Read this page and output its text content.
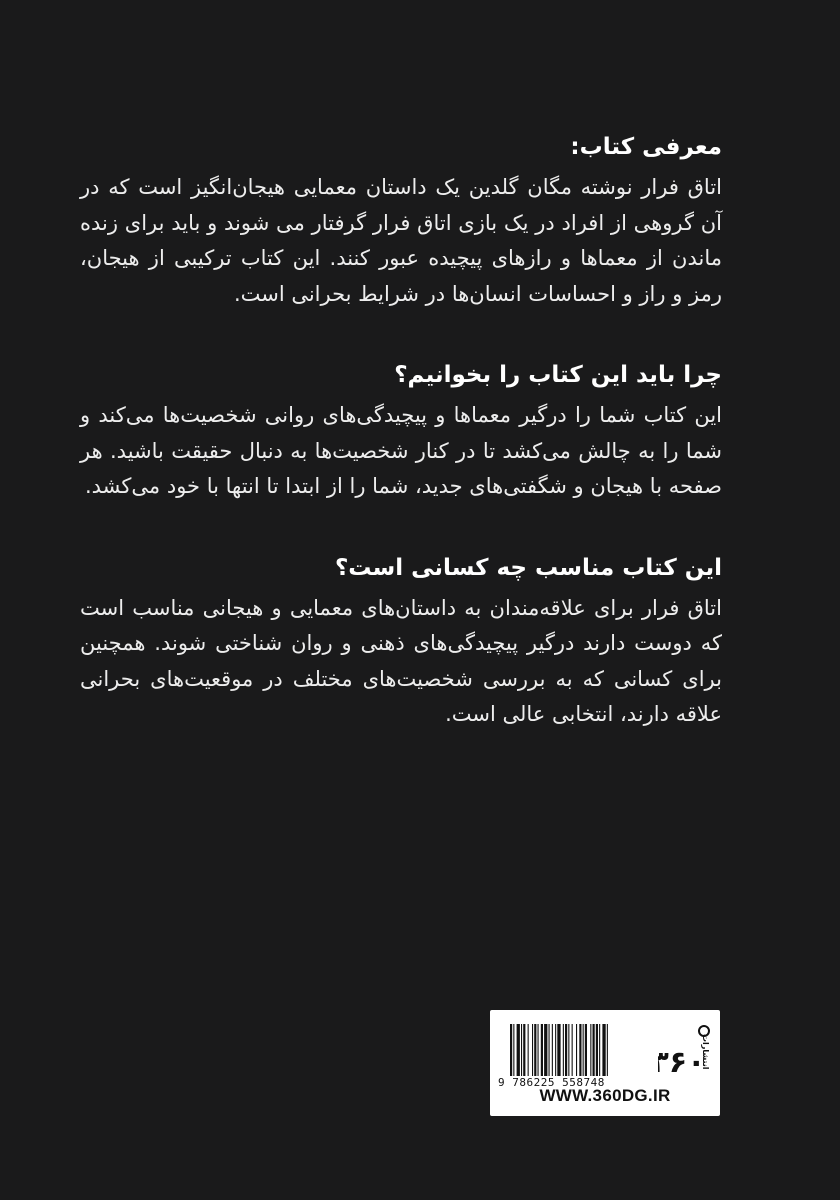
معرفی کتاب:

اتاق فرار نوشته مگان گلدین یک داستان معمایی هیجان‌انگیز است که در آن گروهی از افراد در یک بازی اتاق فرار گرفتار می شوند و باید برای زنده ماندن از معماها و رازهای پیچیده عبور کنند. این کتاب ترکیبی از هیجان، رمز و راز و احساسات انسان‌ها در شرایط بحرانی است.

چرا باید این کتاب را بخوانیم؟

این کتاب شما را درگیر معماها و پیچیدگی‌های روانی شخصیت‌ها می‌کند و شما را به چالش می‌کشد تا در کنار شخصیت‌ها به دنبال حقیقت باشید. هر صفحه با هیجان و شگفتی‌های جدید، شما را از ابتدا تا انتها با خود می‌کشد.

این کتاب مناسب چه کسانی است؟

اتاق فرار برای علاقه‌مندان به داستان‌های معمایی و هیجانی مناسب است که دوست دارند درگیر پیچیدگی‌های ذهنی و روان شناختی شوند. همچنین برای کسانی که به بررسی شخصیت‌های مختلف در موقعیت‌های بحرانی علاقه دارند، انتخابی عالی است.

9 786225 558748
۳۶۰
انتشارات
WWW.360DG.IR
